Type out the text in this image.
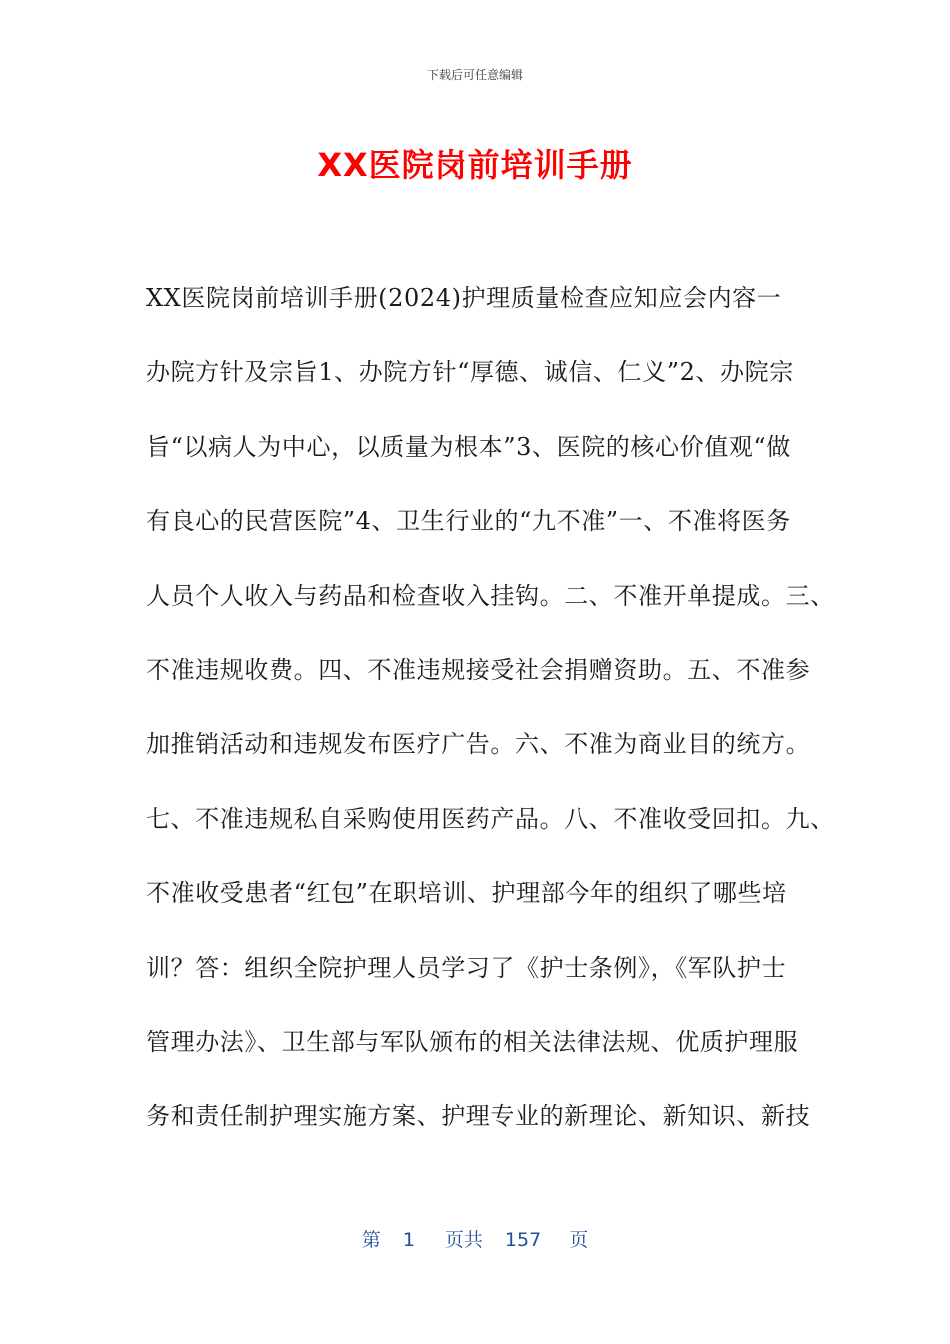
下载后可任意编辑
XX医院岗前培训手册
XX医院岗前培训手册(2024)护理质量检查应知应会内容一
办院方针及宗旨1、办院方针“厚德、诚信、仁义”2、办院宗
旨“以病人为中心，以质量为根本”3、医院的核心价值观“做
有良心的民营医院”4、卫生行业的“九不准”一、不准将医务
人员个人收入与药品和检查收入挂钩。二、不准开单提成。三、
不准违规收费。四、不准违规接受社会捐赠资助。五、不准参
加推销活动和违规发布医疗广告。六、不准为商业目的统方。
七、不准违规私自采购使用医药产品。八、不准收受回扣。九、
不准收受患者“红包”在职培训、护理部今年的组织了哪些培
训？答：组织全院护理人员学习了《护士条例》，《军队护士
管理办法》、卫生部与军队颁布的相关法律法规、优质护理服
务和责任制护理实施方案、护理专业的新理论、新知识、新技
第 1 页共 157 页
